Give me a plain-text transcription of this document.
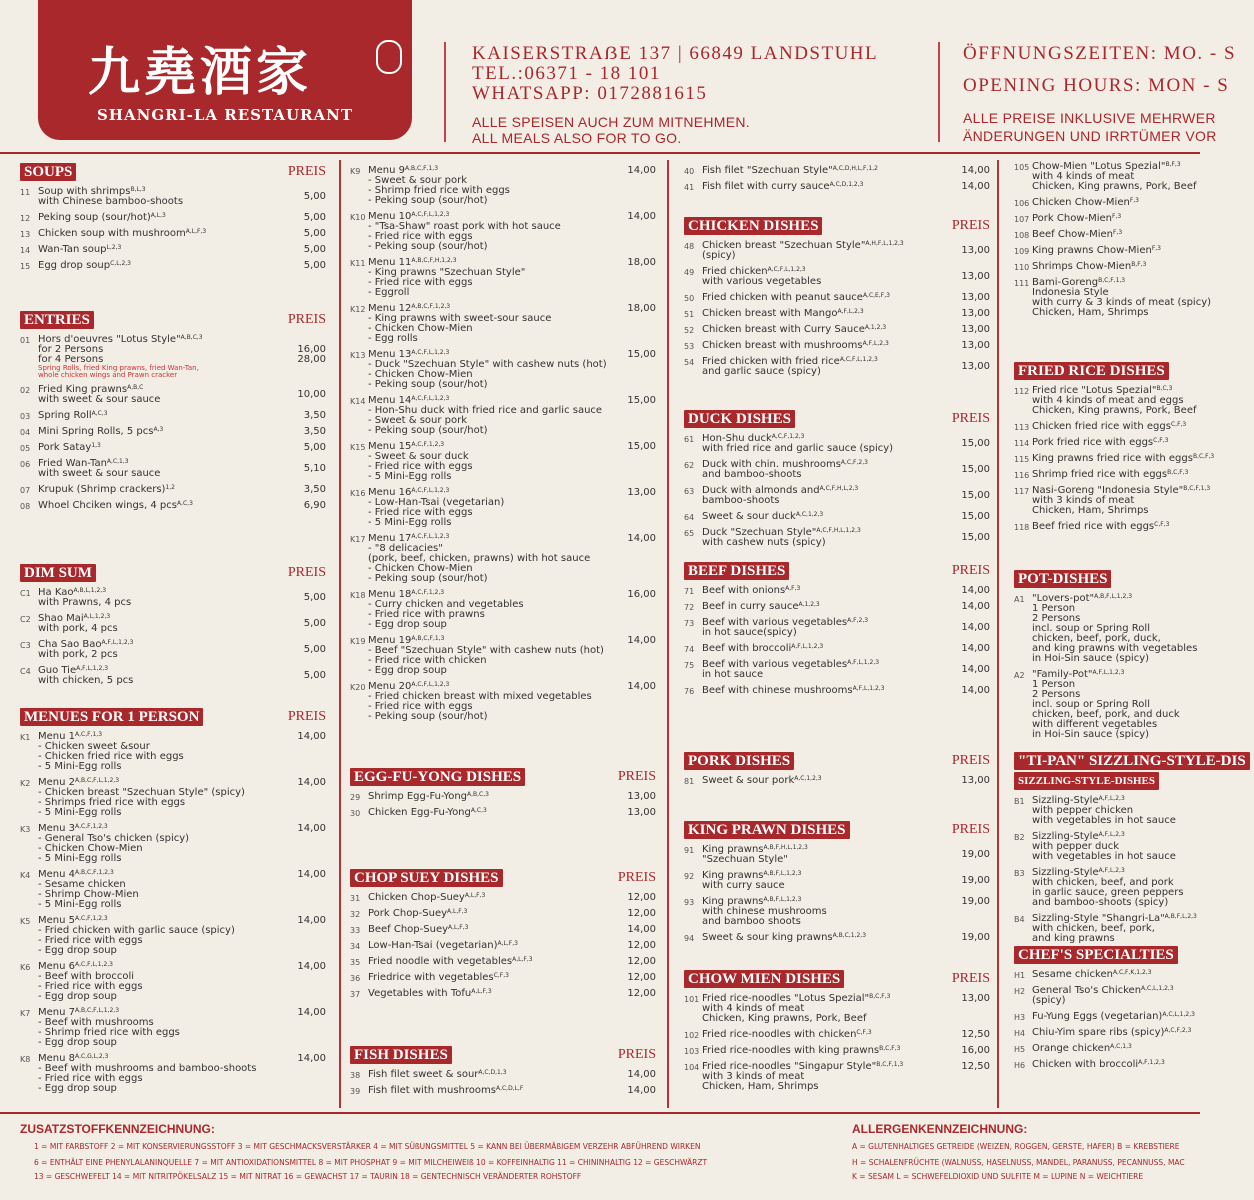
九堯酒家
SHANGRI-LA RESTAURANT
KAISERSTRAẞE 137 | 66849 LANDSTUHL
TEL.:06371 - 18 101
WHATSAPP: 0172881615
ALLE SPEISEN AUCH ZUM MITNEHMEN.
ALL MEALS ALSO FOR TO GO.
ÖFFNUNGSZEITEN: MO. - S
OPENING HOURS: MON - S
ALLE PREISE INKLUSIVE MEHRWER
ÄNDERUNGEN UND IRRTÜMER VOR
SOUPS	PREIS
11 Soup with shrimps$^{B,L,3}$
with Chinese bamboo-shoots	5,00
12 Peking soup (sour/hot)$^{A,L,3}$	5,00
13 Chicken soup with mushroom$^{A,L,F,3}$	5,00
14 Wan-Tan soup$^{L,2,3}$	5,00
15 Egg drop soup$^{C,L,2,3}$	5,00
ENTRIES	PREIS
01 Hors d'oeuvres "Lotus Style"$^{A,B,C,3}$
for 2 Persons
for 4 Persons
Spring Rolls, fried King prawns, fried Wan-Tan,
whole chicken wings and Prawn cracker
16,00
28,00
02 Fried King prawns$^{A,B,C}$
with sweet & sour sauce	10,00
03 Spring Roll$^{A,C,3}$	3,50
04 Mini Spring Rolls, 5 pcs$^{A,3}$	3,50
05 Pork Satay$^{1,3}$	5,00
06 Fried Wan-Tan$^{A,C,1,3}$
with sweet & sour sauce	5,10
07 Krupuk (Shrimp crackers)$^{1,2}$	3,50
08 Whoel Chciken wings, 4 pcs$^{A,C,3}$	6,90
DIM SUM	PREIS
C1 Ha Kao$^{A,B,L,1,2,3}$
with Prawns, 4 pcs	5,00
C2 Shao Mai$^{A,L,1,2,3}$
with pork, 4 pcs	5,00
C3 Cha Sao Bao$^{A,F,L,1,2,3}$
with pork, 2 pcs	5,00
C4 Guo Tie$^{A,F,L,1,2,3}$
with chicken, 5 pcs	5,00
MENUES FOR 1 PERSON	PREIS
K1 Menu $1^{A,C,F,1,3}$
- Chicken sweet &sour
- Chicken fried rice with eggs
- 5 Mini-Egg rolls
14,00
K2 Menu $2^{A,B,C,F,L,1,2,3}$
- Chicken breast "Szechuan Style" (spicy)
- Shrimps fried rice with eggs
- 5 Mini-Egg rolls
14,00
K3 Menu $3^{A,C,F,1,2,3}$
- General Tso's chicken (spicy)
- Chicken Chow-Mien
- 5 Mini-Egg rolls
14,00
K4 Menu $4^{A,B,C,F,1,2,3}$
- Sesame chicken
- Shrimp Chow-Mien
- 5 Mini-Egg rolls
14,00
K5 Menu $5^{A,C,F,1,2,3}$
- Fried chicken with garlic sauce (spicy)
- Fried rice with eggs
- Egg drop soup
14,00
K6 Menu $6^{A,C,F,L,1,2,3}$
- Beef with broccoli
- Fried rice with eggs
- Egg drop soup
14,00
K7 Menu $7^{A,B,C,F,L,1,2,3}$
- Beef with mushrooms
- Shrimp fried rice with eggs
- Egg drop soup
14,00
K8 Menu $8^{A,C,G,L,2,3}$
- Beef with mushrooms and bamboo-shoots
- Fried rice with eggs
- Egg drop soup
14,00
K9 Menu $9^{A,B,C,F,1,3}$
- Sweet & sour pork
- Shrimp fried rice with eggs
- Peking soup (sour/hot)
14,00
K10 Menu $10^{A,C,F,L,1,2,3}$
- "Tsa-Shaw" roast pork with hot sauce
- Fried rice with eggs
- Peking soup (sour/hot)
14,00
K11 Menu $11^{A,B,C,F,H,1,2,3}$
- King prawns "Szechuan Style"
- Fried rice with eggs
- Eggroll
18,00
K12 Menu $12^{A,B,C,F,1,2,3}$
- King prawns with sweet-sour sauce
- Chicken Chow-Mien
- Egg rolls
18,00
K13 Menu $13^{A,C,F,L,1,2,3}$
- Duck "Szechuan Style" with cashew nuts (hot)
- Chicken Chow-Mien
- Peking soup (sour/hot)
15,00
K14 Menu $14^{A,C,F,L,1,2,3}$
- Hon-Shu duck with fried rice and garlic sauce
- Sweet & sour pork
- Peking soup (sour/hot)
15,00
K15 Menu $15^{A,C,F,1,2,3}$
- Sweet & sour duck
- Fried rice with eggs
- 5 Mini-Egg rolls
15,00
K16 Menu $16^{A,C,F,L,1,2,3}$
- Low-Han-Tsai (vegetarian)
- Fried rice with eggs
- 5 Mini-Egg rolls
13,00
K17 Menu $17^{A,C,F,L,1,2,3}$
- "8 delicacies"
(pork, beef, chicken, prawns) with hot sauce
- Chicken Chow-Mien
- Peking soup (sour/hot)
14,00
K18 Menu $18^{A,C,F,1,2,3}$
- Curry chicken and vegetables
- Fried rice with prawns
- Egg drop soup
16,00
K19 Menu $19^{A,B,C,F,1,3}$
- Beef "Szechuan Style" with cashew nuts (hot)
- Fried rice with chicken
- Egg drop soup
14,00
K20 Menu $20^{A,C,F,L,1,2,3}$
- Fried chicken breast with mixed vegetables
- Fried rice with eggs
- Peking soup (sour/hot)
14,00
EGG-FU-YONG DISHES	PREIS
29 Shrimp Egg-Fu-Yong$^{A,B,C,3}$	13,00
30 Chicken Egg-Fu-Yong$^{A,C,3}$	13,00
CHOP SUEY DISHES	PREIS
31 Chicken Chop-Suey$^{A,L,F,3}$	12,00
32 Pork Chop-Suey$^{A,L,F,3}$	12,00
33 Beef Chop-Suey$^{A,L,F,3}$	14,00
34 Low-Han-Tsai (vegetarian)$^{A,L,F,3}$	12,00
35 Fried noodle with vegetables$^{A,L,F,3}$	12,00
36 Friedrice with vegetables$^{C,F,3}$	12,00
37 Vegetables with Tofu$^{A,L,F,3}$	12,00
FISH DISHES	PREIS
38 Fish filet sweet & sour$^{A,C,D,1,3}$	14,00
39 Fish filet with mushrooms$^{A,C,D,L,F}$	14,00
40 Fish filet "Szechuan Style"$^{A,C,D,H,L,F,1,2}$	14,00
41 Fish filet with curry sauce$^{A,C,D,1,2,3}$	14,00
CHICKEN DISHES	PREIS
48 Chicken breast "Szechuan Style"$^{A,H,F,L,1,2,3}$
(spicy)	13,00
49 Fried chicken$^{A,C,F,L,1,2,3}$
with various vegetables	13,00
50 Fried chicken with peanut sauce$^{A,C,E,F,3}$	13,00
51 Chicken breast with Mango$^{A,F,L,2,3}$	13,00
52 Chicken breast with Curry Sauce$^{A,1,2,3}$	13,00
53 Chicken breast with mushrooms$^{A,F,L,2,3}$	13,00
54 Fried chicken with fried rice$^{A,C,F,L,1,2,3}$
and garlic sauce (spicy)	13,00
DUCK DISHES	PREIS
61 Hon-Shu duck$^{A,C,F,1,2,3}$
with fried rice and garlic sauce (spicy)	15,00
62 Duck with chin. mushrooms$^{A,C,F,2,3}$
and bamboo-shoots	15,00
63 Duck with almonds and$^{A,C,F,H,L,2,3}$
bamboo-shoots	15,00
64 Sweet & sour duck$^{A,C,1,2,3}$	15,00
65 Duck "Szechuan Style"$^{A,C,F,H,L,1,2,3}$
with cashew nuts (spicy)	15,00
BEEF DISHES	PREIS
71 Beef with onions$^{A,F,3}$	14,00
72 Beef in curry sauce$^{A,1,2,3}$	14,00
73 Beef with various vegetables$^{A,F,2,3}$
in hot sauce(spicy)	14,00
74 Beef with broccoli$^{A,F,L,1,2,3}$	14,00
75 Beef with various vegetables$^{A,F,L,1,2,3}$
in hot sauce	14,00
76 Beef with chinese mushrooms$^{A,F,L,1,2,3}$	14,00
PORK DISHES	PREIS
81 Sweet & sour pork$^{A,C,1,2,3}$	13,00
KING PRAWN DISHES	PREIS
91 King prawns$^{A,B,F,H,L,1,2,3}$
"Szechuan Style"	19,00
92 King prawns$^{A,B,F,L,1,2,3}$
with curry sauce	19,00
93 King prawns$^{A,B,F,L,1,2,3}$
with chinese mushrooms
and bamboo shoots
19,00
94 Sweet & sour king prawns$^{A,B,C,1,2,3}$	19,00
CHOW MIEN DISHES	PREIS
101 Fried rice-noodles "Lotus Spezial"$^{B,C,F,3}$
with 4 kinds of meat
Chicken, King prawns, Pork, Beef
13,00
102 Fried rice-noodles with chicken$^{C,F,3}$	12,50
103 Fried rice-noodles with king prawns$^{B,C,F,3}$	16,00
104 Fried rice-noodles "Singapur Style"$^{B,C,F,1,3}$
with 3 kinds of meat
Chicken, Ham, Shrimps
12,50
105 Chow-Mien "Lotus Spezial"$^{B,F,3}$
with 4 kinds of meat
Chicken, King prawns, Pork, Beef
106 Chicken Chow-Mien$^{F,3}$
107 Pork Chow-Mien$^{F,3}$
108 Beef Chow-Mien$^{F,3}$
109 King prawns Chow-Mien$^{F,3}$
110 Shrimps Chow-Mien$^{B,F,3}$
111 Bami-Goreng$^{B,C,F,1,3}$
Indonesia Style
with curry & 3 kinds of meat (spicy)
Chicken, Ham, Shrimps
FRIED RICE DISHES
112 Fried rice "Lotus Spezial"$^{B,C,3}$
with 4 kinds of meat and eggs
Chicken, King prawns, Pork, Beef
113 Chicken fried rice with eggs$^{C,F,3}$
114 Pork fried rice with eggs$^{C,F,3}$
115 King prawns fried rice with eggs$^{B,C,F,3}$
116 Shrimp fried rice with eggs$^{B,C,F,3}$
117 Nasi-Goreng "Indonesia Style"$^{B,C,F,1,3}$
with 3 kinds of meat
Chicken, Ham, Shrimps
118 Beef fried rice with eggs$^{C,F,3}$
POT-DISHES
A1 "Lovers-pot"$^{A,B,F,L,1,2,3}$
1 Person
2 Persons
incl. soup or Spring Roll
chicken, beef, pork, duck,
and king prawns with vegetables
in Hoi-Sin sauce (spicy)
A2 "Family-Pot"$^{A,F,L,1,2,3}$
1 Person
2 Persons
incl. soup or Spring Roll
chicken, beef, pork, and duck
with different vegetables
in Hoi-Sin sauce (spicy)
"TI-PAN" SIZZLING-STYLE-DIS
SIZZLING-STYLE-DISHES
B1 Sizzling-Style$^{A,F,L,2,3}$
with pepper chicken
with vegetables in hot sauce
B2 Sizzling-Style$^{A,F,L,2,3}$
with pepper duck
with vegetables in hot sauce
B3 Sizzling-Style$^{A,F,L,2,3}$
with chicken, beef, and pork
in garlic sauce, green peppers
and bamboo-shoots (spicy)
B4 Sizzling-Style "Shangri-La"$^{A,B,F,L,2,3}$
with chicken, beef, pork,
and king prawns
CHEF'S SPECIALTIES
H1 Sesame chicken$^{A,C,F,K,1,2,3}$
H2 General Tso's Chicken$^{A,C,L,1,2,3}$
(spicy)
H3 Fu-Yung Eggs (vegetarian)$^{A,C,L,1,2,3}$
H4 Chiu-Yim spare ribs (spicy)$^{A,C,F,2,3}$
H5 Orange chicken$^{A,C,1,3}$
H6 Chicken with broccoli$^{A,F,1,2,3}$
ZUSATZSTOFFKENNZEICHNUNG:
1 = MIT FARBSTOFF 2 = MIT KONSERVIERUNGSSTOFF 3 = MIT GESCHMACKSVERSTÄRKER 4 = MIT SÜßUNGSMITTEL 5 = KANN BEI ÜBERMÄßIGEM VERZEHR ABFÜHREND WIRKEN
6 = ENTHÄLT EINE PHENYLALANINQUELLE 7 = MIT ANTIOXIDATIONSMITTEL 8 = MIT PHOSPHAT 9 = MIT MILCHEIWEIß 10 = KOFFEINHALTIG 11 = CHININHALTIG 12 = GESCHWÄRZT
13 = GESCHWEFELT 14 = MIT NITRITPÖKELSALZ 15 = MIT NITRAT 16 = GEWACHST 17 = TAURIN 18 = GENTECHNISCH VERÄNDERTER ROHSTOFF
ALLERGENKENNZEICHNUNG:
A = GLUTENHALTIGES GETREIDE (WEIZEN, ROGGEN, GERSTE, HAFER) B = KREBSTIERE
H = SCHALENFRÜCHTE (WALNUSS, HASELNUSS, MANDEL, PARANUSS, PECANNUSS, MAC
K = SESAM L = SCHWEFELDIOXID UND SULFITE M = LUPINE N = WEICHTIERE
